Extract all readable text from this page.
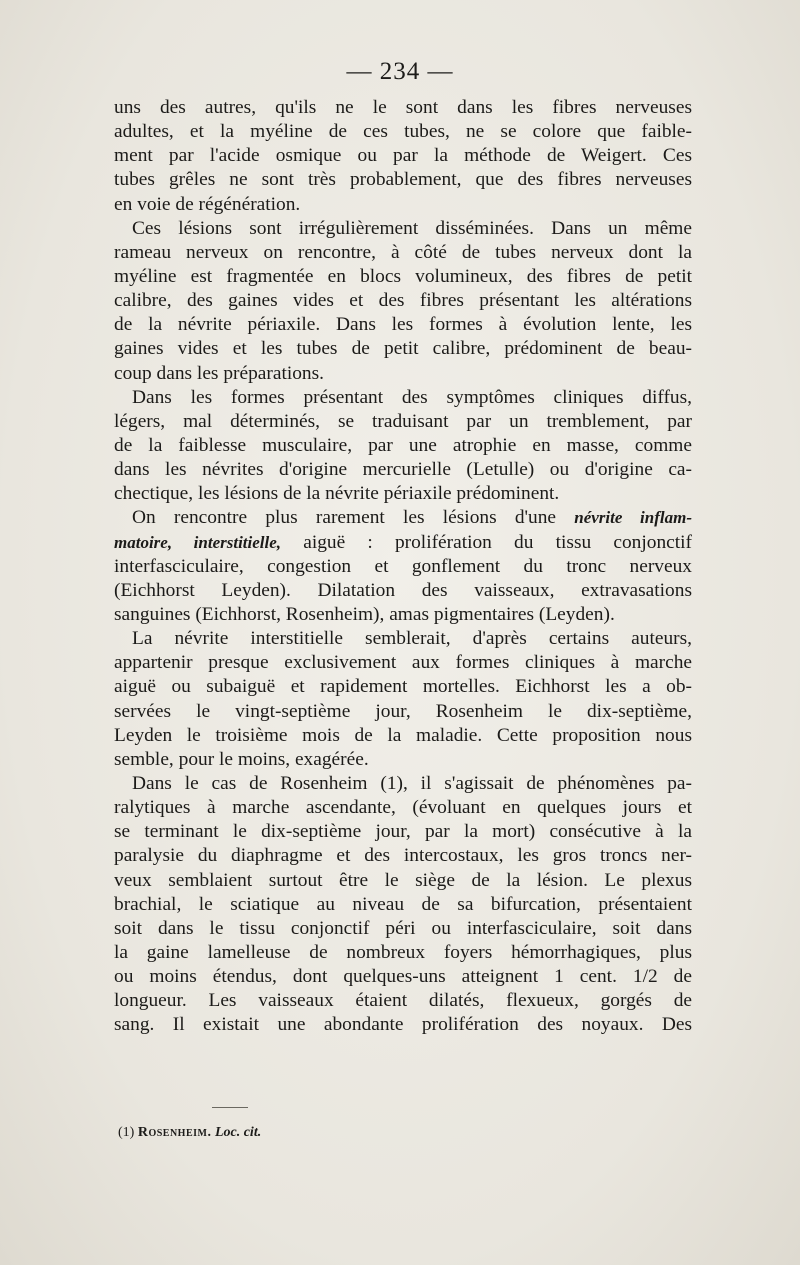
— 234 —
uns des autres, qu'ils ne le sont dans les fibres nerveuses
adultes, et la myéline de ces tubes, ne se colore que faible-
ment par l'acide osmique ou par la méthode de Weigert. Ces
tubes grêles ne sont très probablement, que des fibres nerveuses
en voie de régénération.
Ces lésions sont irrégulièrement disséminées. Dans un même
rameau nerveux on rencontre, à côté de tubes nerveux dont la
myéline est fragmentée en blocs volumineux, des fibres de petit
calibre, des gaines vides et des fibres présentant les altérations
de la névrite périaxile. Dans les formes à évolution lente, les
gaines vides et les tubes de petit calibre, prédominent de beau-
coup dans les préparations.
Dans les formes présentant des symptômes cliniques diffus,
légers, mal déterminés, se traduisant par un tremblement, par
de la faiblesse musculaire, par une atrophie en masse, comme
dans les névrites d'origine mercurielle (Letulle) ou d'origine ca-
chectique, les lésions de la névrite périaxile prédominent.
On rencontre plus rarement les lésions d'une névrite inflam-
matoire, interstitielle, aiguë : prolifération du tissu conjonctif
interfasciculaire, congestion et gonflement du tronc nerveux
(Eichhorst Leyden). Dilatation des vaisseaux, extravasations
sanguines (Eichhorst, Rosenheim), amas pigmentaires (Leyden).
La névrite interstitielle semblerait, d'après certains auteurs,
appartenir presque exclusivement aux formes cliniques à marche
aiguë ou subaiguë et rapidement mortelles. Eichhorst les a ob-
servées le vingt-septième jour, Rosenheim le dix-septième,
Leyden le troisième mois de la maladie. Cette proposition nous
semble, pour le moins, exagérée.
Dans le cas de Rosenheim (1), il s'agissait de phénomènes pa-
ralytiques à marche ascendante, (évoluant en quelques jours et
se terminant le dix-septième jour, par la mort) consécutive à la
paralysie du diaphragme et des intercostaux, les gros troncs ner-
veux semblaient surtout être le siège de la lésion. Le plexus
brachial, le sciatique au niveau de sa bifurcation, présentaient
soit dans le tissu conjonctif péri ou interfasciculaire, soit dans
la gaine lamelleuse de nombreux foyers hémorrhagiques, plus
ou moins étendus, dont quelques-uns atteignent 1 cent. 1/2 de
longueur. Les vaisseaux étaient dilatés, flexueux, gorgés de
sang. Il existait une abondante prolifération des noyaux. Des
(1) Rosenheim. Loc. cit.
